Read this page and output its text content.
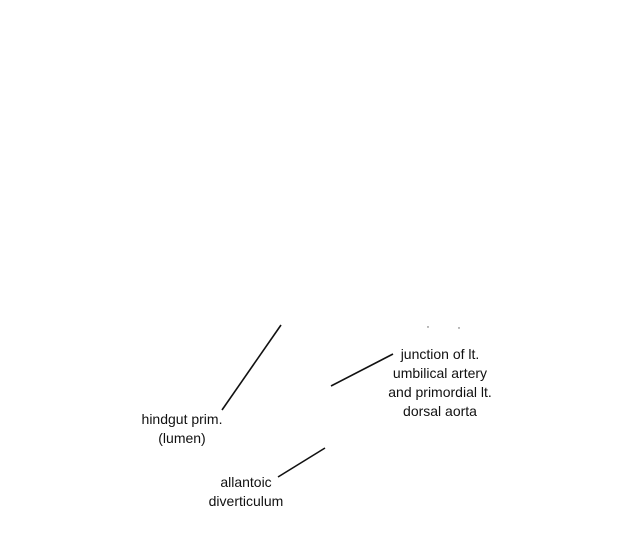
hindgut prim.
(lumen)
junction of lt.
umbilical artery
and primordial lt.
dorsal aorta
allantoic
diverticulum
